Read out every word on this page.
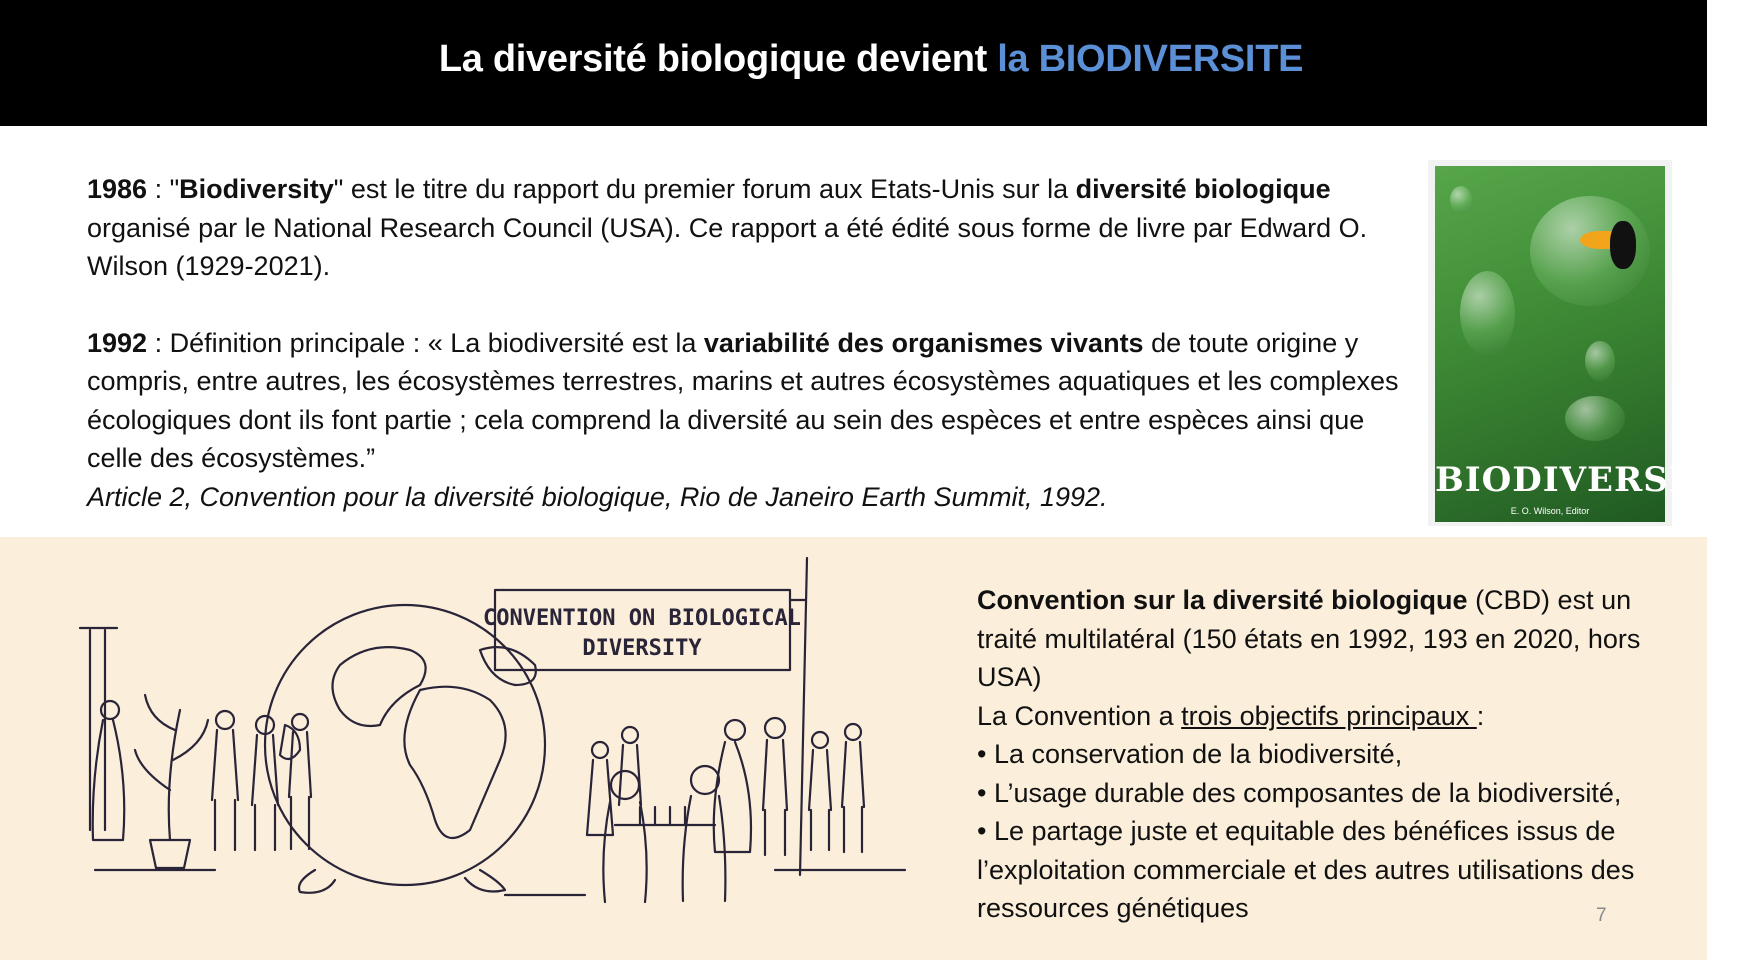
La diversité biologique devient la BIODIVERSITE

1986 : "Biodiversity" est le titre du rapport du premier forum aux Etats-Unis sur la diversité biologique organisé par le National Research Council (USA). Ce rapport a été édité sous forme de livre par Edward O. Wilson (1929-2021).

1992 : Définition principale : « La biodiversité est la variabilité des organismes vivants de toute origine y compris, entre autres, les écosystèmes terrestres, marins et autres écosystèmes aquatiques et les complexes écologiques dont ils font partie ; cela comprend la diversité au sein des espèces et entre espèces ainsi que celle des écosystèmes.”

Article 2, Convention pour la diversité biologique, Rio de Janeiro Earth Summit, 1992.	BIODIVERSITY
E. O. Wilson, Editor
CONVENTION ON BIOLOGICAL
DIVERSITY

Convention sur la diversité biologique (CBD) est un traité multilatéral (150 états en 1992, 193 en 2020, hors USA)

La Convention a trois objectifs principaux :

• La conservation de la biodiversité,

• L’usage durable des composantes de la biodiversité,

• Le partage juste et equitable des bénéfices issus de l’exploitation commerciale et des autres utilisations des ressources génétiques	7
